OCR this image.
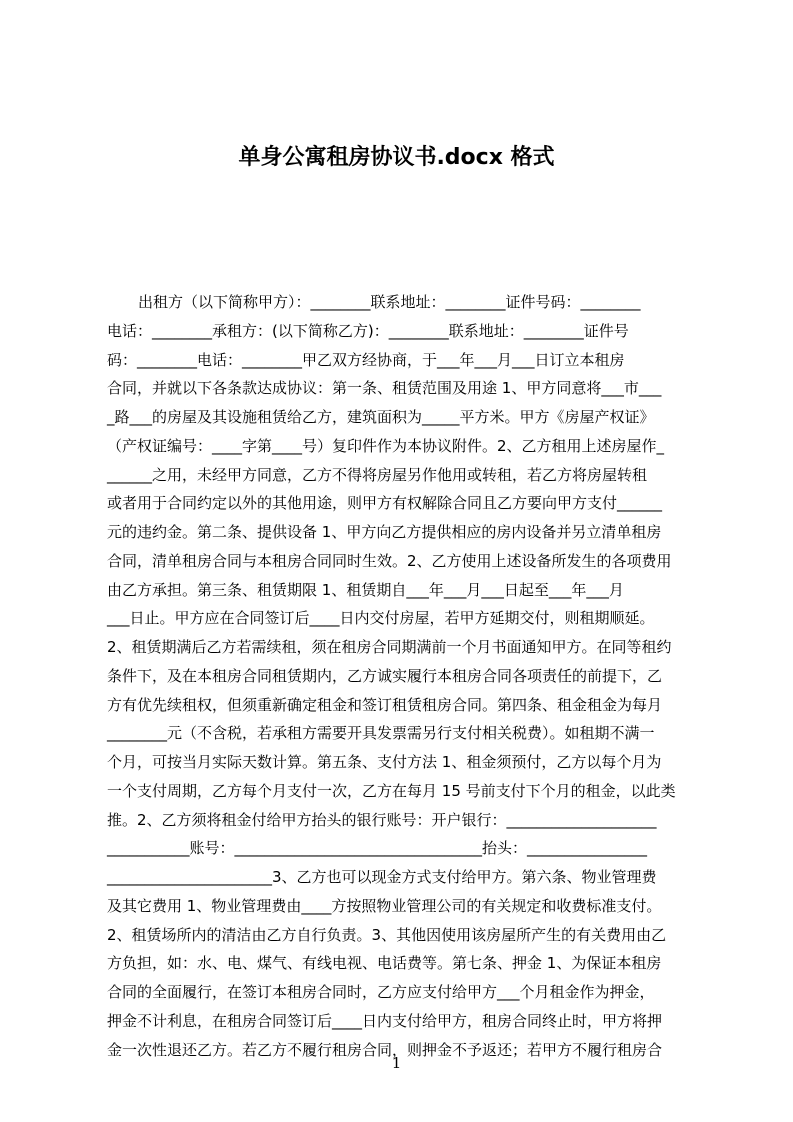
单身公寓租房协议书.docx 格式
出租方（以下简称甲方）：________联系地址：________证件号码：________
电话：________承租方：(以下简称乙方)：________联系地址：________证件号
码：________电话：________甲乙双方经协商，于___年___月___日订立本租房
合同，并就以下各条款达成协议：第一条、租赁范围及用途 1、甲方同意将___市___
_路___的房屋及其设施租赁给乙方，建筑面积为_____平方米。甲方《房屋产权证》
（产权证编号：____字第____号）复印件作为本协议附件。2、乙方租用上述房屋作_
______之用，未经甲方同意，乙方不得将房屋另作他用或转租，若乙方将房屋转租
或者用于合同约定以外的其他用途，则甲方有权解除合同且乙方要向甲方支付______
元的违约金。第二条、提供设备 1、甲方向乙方提供相应的房内设备并另立清单租房
合同，清单租房合同与本租房合同同时生效。2、乙方使用上述设备所发生的各项费用
由乙方承担。第三条、租赁期限 1、租赁期自___年___月___日起至___年___月
___日止。甲方应在合同签订后____日内交付房屋，若甲方延期交付，则租期顺延。
2、租赁期满后乙方若需续租，须在租房合同期满前一个月书面通知甲方。在同等租约
条件下，及在本租房合同租赁期内，乙方诚实履行本租房合同各项责任的前提下，乙
方有优先续租权，但须重新确定租金和签订租赁租房合同。第四条、租金租金为每月
________元（不含税，若承租方需要开具发票需另行支付相关税费）。如租期不满一
个月，可按当月实际天数计算。第五条、支付方法 1、租金须预付，乙方以每个月为
一个支付周期，乙方每个月支付一次，乙方在每月 15 号前支付下个月的租金，以此类
推。2、乙方须将租金付给甲方抬头的银行账号：开户银行：____________________
___________账号：_________________________________抬头：________________
______________________3、乙方也可以现金方式支付给甲方。第六条、物业管理费
及其它费用 1、物业管理费由____方按照物业管理公司的有关规定和收费标准支付。
2、租赁场所内的清洁由乙方自行负责。3、其他因使用该房屋所产生的有关费用由乙
方负担，如：水、电、煤气、有线电视、电话费等。第七条、押金 1、为保证本租房
合同的全面履行，在签订本租房合同时，乙方应支付给甲方___个月租金作为押金，
押金不计利息，在租房合同签订后____日内支付给甲方，租房合同终止时，甲方将押
金一次性退还乙方。若乙方不履行租房合同，则押金不予返还；若甲方不履行租房合
1
